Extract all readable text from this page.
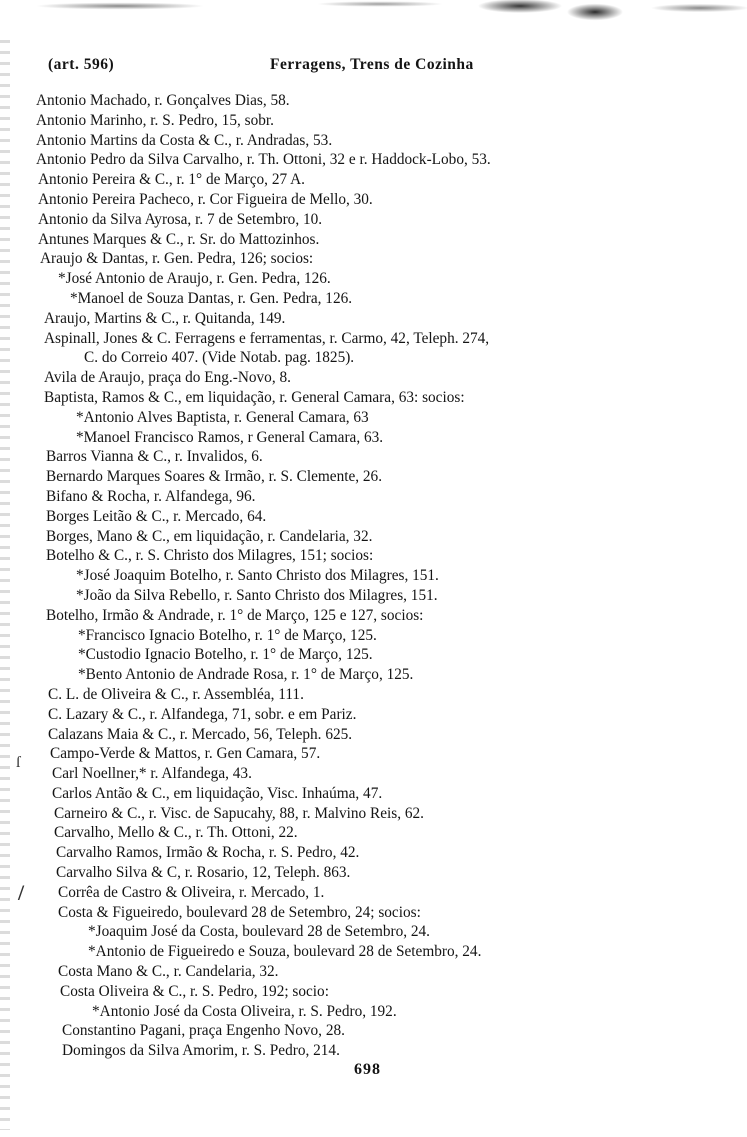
(art. 596)	Ferragens, Trens de Cozinha
Antonio Machado, r. Gonçalves Dias, 58.
Antonio Marinho, r. S. Pedro, 15, sobr.
Antonio Martins da Costa & C., r. Andradas, 53.
Antonio Pedro da Silva Carvalho, r. Th. Ottoni, 32 e r. Haddock-Lobo, 53.
Antonio Pereira & C., r. 1° de Março, 27 A.
Antonio Pereira Pacheco, r. Cor Figueira de Mello, 30.
Antonio da Silva Ayrosa, r. 7 de Setembro, 10.
Antunes Marques & C., r. Sr. do Mattozinhos.
Araujo & Dantas, r. Gen. Pedra, 126; socios:
*José Antonio de Araujo, r. Gen. Pedra, 126.
*Manoel de Souza Dantas, r. Gen. Pedra, 126.
Araujo, Martins & C., r. Quitanda, 149.
Aspinall, Jones & C. Ferragens e ferramentas, r. Carmo, 42, Teleph. 274,
C. do Correio 407. (Vide Notab. pag. 1825).
Avila de Araujo, praça do Eng.-Novo, 8.
Baptista, Ramos & C., em liquidação, r. General Camara, 63: socios:
*Antonio Alves Baptista, r. General Camara, 63
*Manoel Francisco Ramos, r General Camara, 63.
Barros Vianna & C., r. Invalidos, 6.
Bernardo Marques Soares & Irmão, r. S. Clemente, 26.
Bifano & Rocha, r. Alfandega, 96.
Borges Leitão & C., r. Mercado, 64.
Borges, Mano & C., em liquidação, r. Candelaria, 32.
Botelho & C., r. S. Christo dos Milagres, 151; socios:
*José Joaquim Botelho, r. Santo Christo dos Milagres, 151.
*João da Silva Rebello, r. Santo Christo dos Milagres, 151.
Botelho, Irmão & Andrade, r. 1° de Março, 125 e 127, socios:
*Francisco Ignacio Botelho, r. 1° de Março, 125.
*Custodio Ignacio Botelho, r. 1° de Março, 125.
*Bento Antonio de Andrade Rosa, r. 1° de Março, 125.
C. L. de Oliveira & C., r. Assembléa, 111.
C. Lazary & C., r. Alfandega, 71, sobr. e em Pariz.
Calazans Maia & C., r. Mercado, 56, Teleph. 625.
Campo-Verde & Mattos, r. Gen Camara, 57.
Carl Noellner,* r. Alfandega, 43.
Carlos Antão & C., em liquidação, Visc. Inhaúma, 47.
Carneiro & C., r. Visc. de Sapucahy, 88, r. Malvino Reis, 62.
Carvalho, Mello & C., r. Th. Ottoni, 22.
Carvalho Ramos, Irmão & Rocha, r. S. Pedro, 42.
Carvalho Silva & C, r. Rosario, 12, Teleph. 863.
Corrêa de Castro & Oliveira, r. Mercado, 1.
Costa & Figueiredo, boulevard 28 de Setembro, 24; socios:
*Joaquim José da Costa, boulevard 28 de Setembro, 24.
*Antonio de Figueiredo e Souza, boulevard 28 de Setembro, 24.
Costa Mano & C., r. Candelaria, 32.
Costa Oliveira & C., r. S. Pedro, 192; socio:
*Antonio José da Costa Oliveira, r. S. Pedro, 192.
Constantino Pagani, praça Engenho Novo, 28.
Domingos da Silva Amorim, r. S. Pedro, 214.
698
ſ
/
